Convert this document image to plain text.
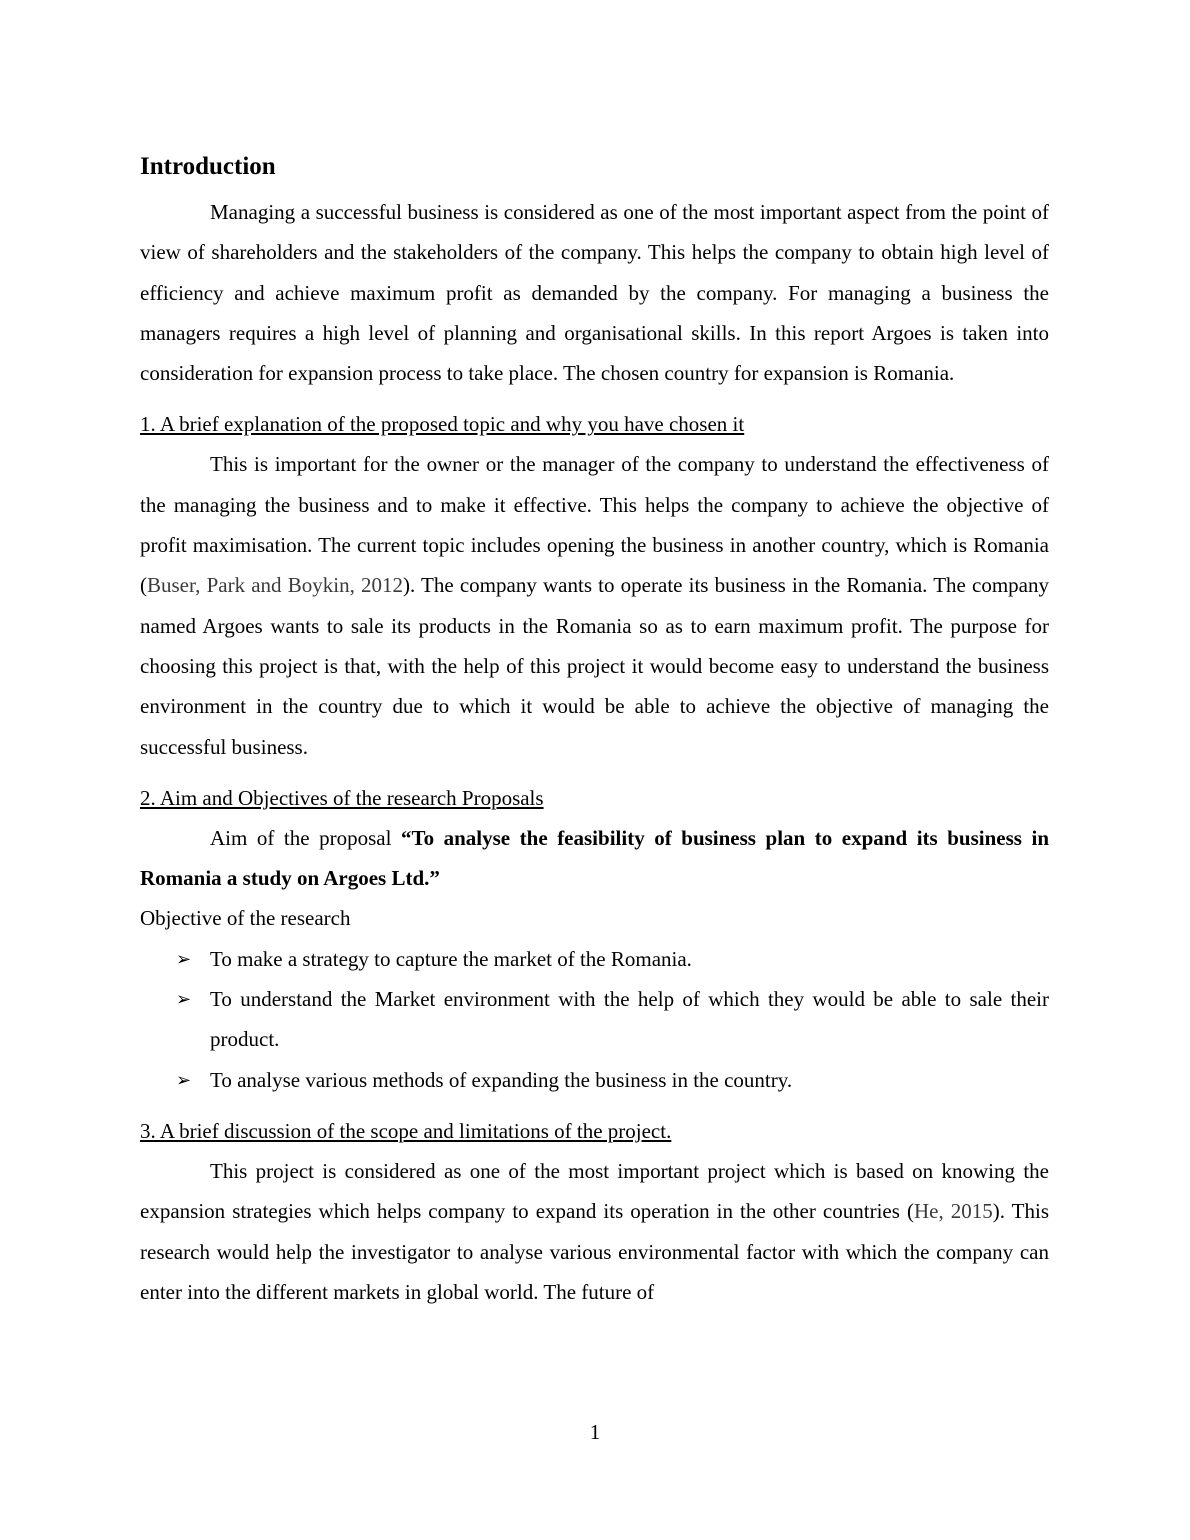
Introduction

Managing a successful business is considered as one of the most important aspect from the point of view of shareholders and the stakeholders of the company. This helps the company to obtain high level of efficiency and achieve maximum profit as demanded by the company. For managing a business the managers requires a high level of planning and organisational skills. In this report Argoes is taken into consideration for expansion process to take place. The chosen country for expansion is Romania.

1. A brief explanation of the proposed topic and why you have chosen it

This is important for the owner or the manager of the company to understand the effectiveness of the managing the business and to make it effective. This helps the company to achieve the objective of profit maximisation. The current topic includes opening the business in another country, which is Romania (Buser, Park and Boykin, 2012). The company wants to operate its business in the Romania. The company named Argoes wants to sale its products in the Romania so as to earn maximum profit. The purpose for choosing this project is that, with the help of this project it would become easy to understand the business environment in the country due to which it would be able to achieve the objective of managing the successful business.

2. Aim and Objectives of the research Proposals

Aim of the proposal “To analyse the feasibility of business plan to expand its business in Romania a study on Argoes Ltd.”

Objective of the research
➢ To make a strategy to capture the market of the Romania.
➢ To understand the Market environment with the help of which they would be able to sale their product.
➢ To analyse various methods of expanding the business in the country.
3. A brief discussion of the scope and limitations of the project.

This project is considered as one of the most important project which is based on knowing the expansion strategies which helps company to expand its operation in the other countries (He, 2015). This research would help the investigator to analyse various environmental factor with which the company can enter into the different markets in global world. The future of

1
